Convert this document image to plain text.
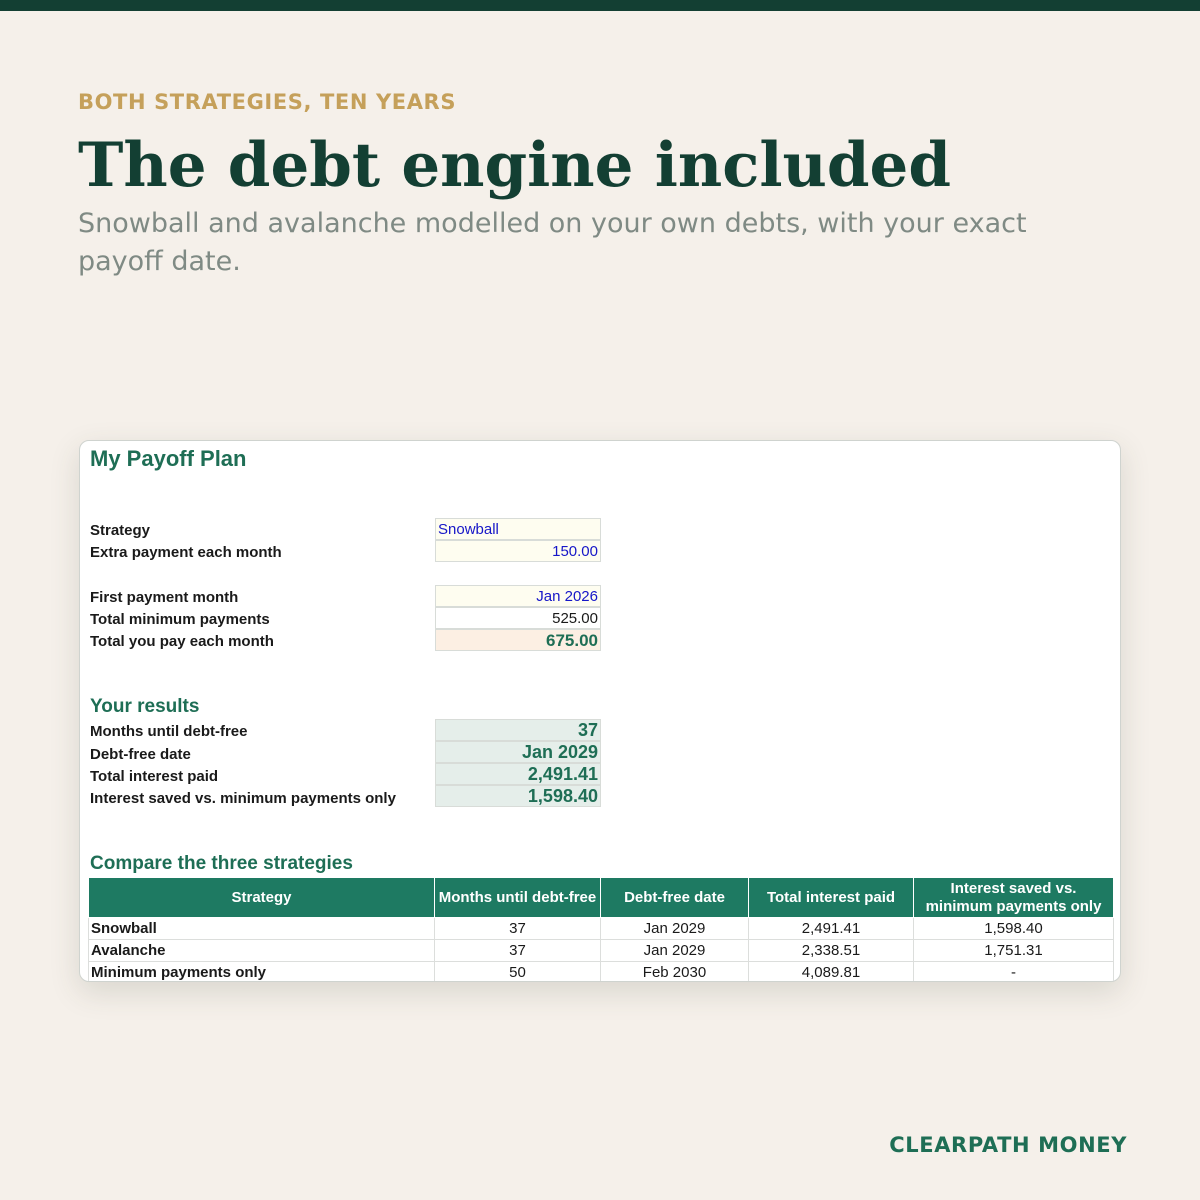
BOTH STRATEGIES, TEN YEARS
The debt engine included
Snowball and avalanche modelled on your own debts, with your exact payoff date.
My Payoff Plan
Strategy	Snowball
Extra payment each month	150.00
First payment month	Jan 2026
Total minimum payments	525.00
Total you pay each month	675.00
Your results
Months until debt-free	37
Debt-free date	Jan 2029
Total interest paid	2,491.41
Interest saved vs. minimum payments only	1,598.40
Compare the three strategies
Strategy	Months until debt-free	Debt-free date	Total interest paid	Interest saved vs. minimum payments only
Snowball	37	Jan 2029	2,491.41	1,598.40
Avalanche	37	Jan 2029	2,338.51	1,751.31
Minimum payments only	50	Feb 2030	4,089.81	-
CLEARPATH MONEY
